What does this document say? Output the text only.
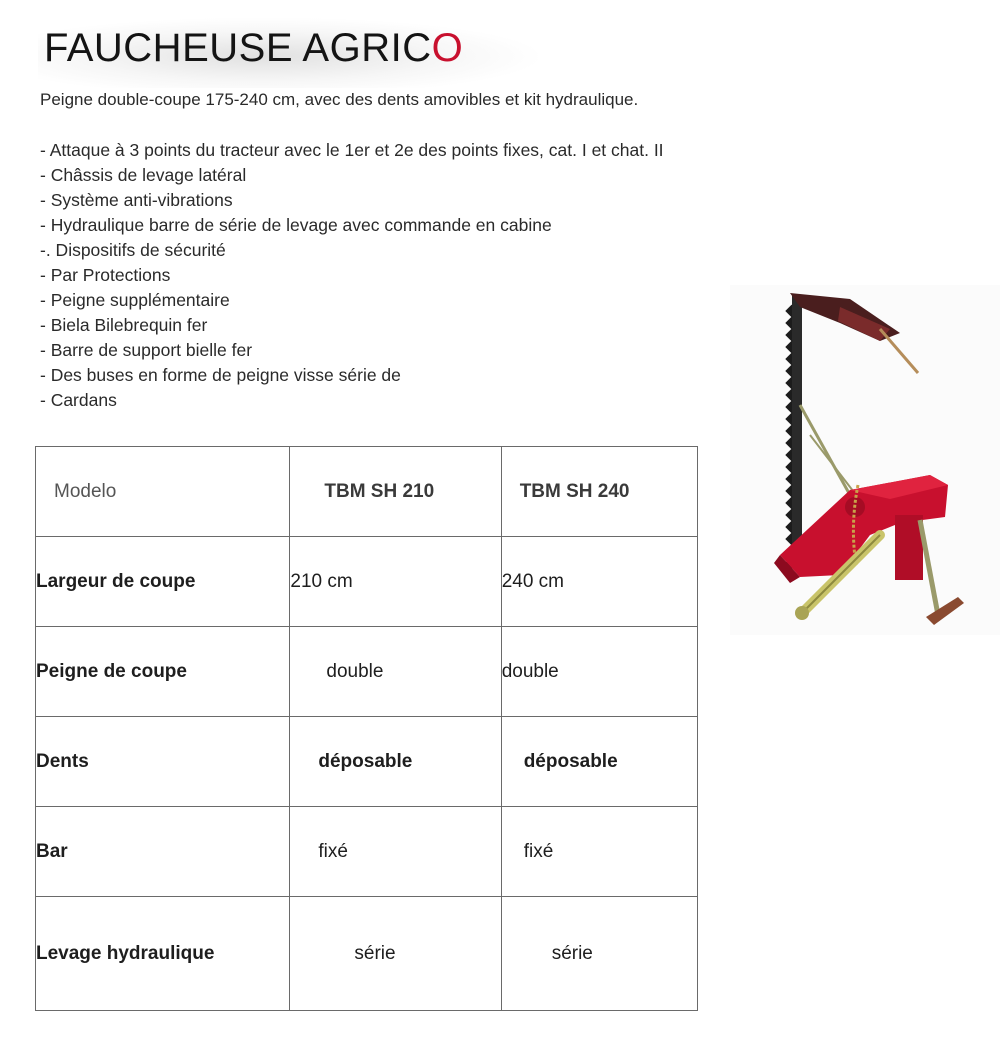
FAUCHEUSE AGRICO

Peigne double-coupe 175-240 cm, avec des dents amovibles et kit hydraulique.

- Attaque à 3 points du tracteur avec le 1er et 2e des points fixes, cat. I et chat. II
- Châssis de levage latéral
- Système anti-vibrations
- Hydraulique barre de série de levage avec commande en cabine
-. Dispositifs de sécurité
- Par Protections
- Peigne supplémentaire
- Biela Bilebrequin fer
- Barre de support bielle fer
- Des buses en forme de peigne visse série de
- Cardans
Modelo	TBM SH 210	TBM SH 240
Largeur de coupe	210 cm	240 cm
Peigne de coupe	double	double
Dents	déposable	déposable
Bar	fixé	fixé
Levage hydraulique	série	série
